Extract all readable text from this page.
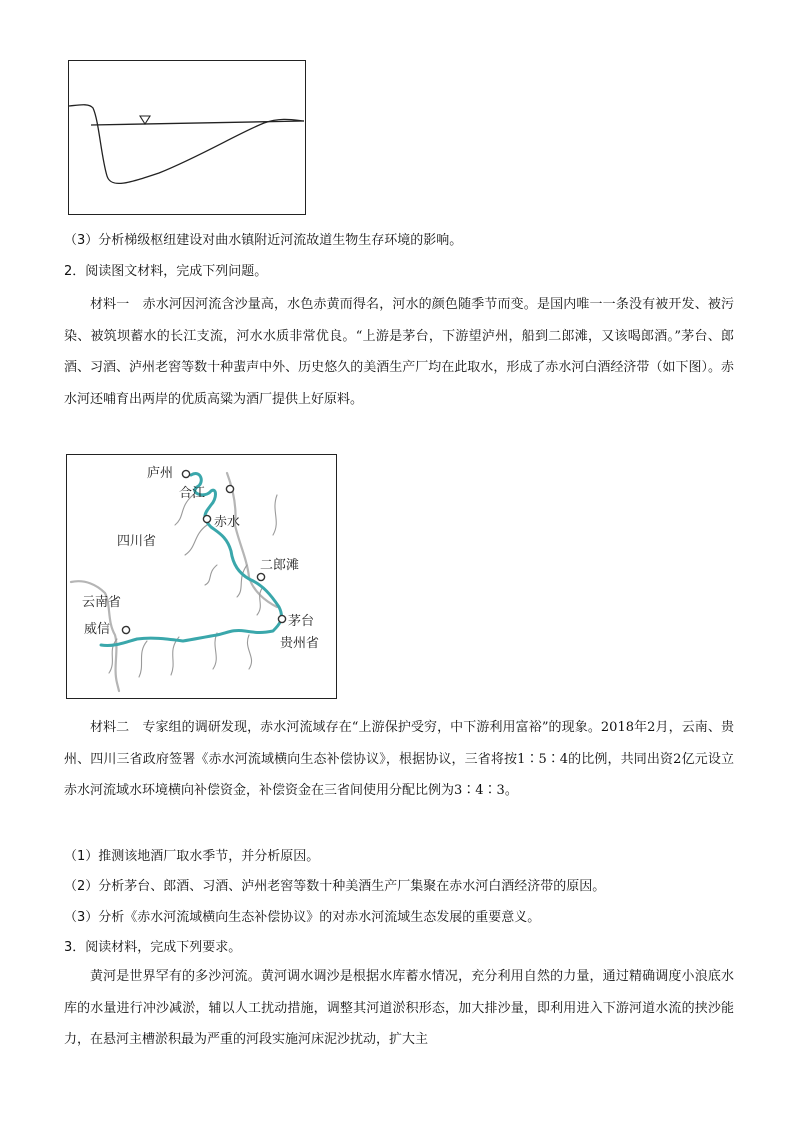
（3）分析梯级枢纽建设对曲水镇附近河流故道生物生存环境的影响。
2．阅读图文材料，完成下列问题。
材料一　赤水河因河流含沙量高，水色赤黄而得名，河水的颜色随季节而变。是国内唯一一条没有被开发、被污染、被筑坝蓄水的长江支流，河水水质非常优良。“上游是茅台，下游望泸州，船到二郎滩，又该喝郎酒。”茅台、郎酒、习酒、泸州老窖等数十种蜚声中外、历史悠久的美酒生产厂均在此取水，形成了赤水河白酒经济带（如下图）。赤水河还哺育出两岸的优质高粱为酒厂提供上好原料。
庐州
合江
赤水
四川省
二郎滩
云南省
威信
茅台
贵州省
材料二　专家组的调研发现，赤水河流域存在“上游保护受穷，中下游利用富裕”的现象。2018年2月，云南、贵州、四川三省政府签署《赤水河流域横向生态补偿协议》，根据协议，三省将按1∶5∶4的比例，共同出资2亿元设立赤水河流域水环境横向补偿资金，补偿资金在三省间使用分配比例为3∶4∶3。
（1）推测该地酒厂取水季节，并分析原因。
（2）分析茅台、郎酒、习酒、泸州老窖等数十种美酒生产厂集聚在赤水河白酒经济带的原因。
（3）分析《赤水河流域横向生态补偿协议》的对赤水河流域生态发展的重要意义。
3．阅读材料，完成下列要求。
黄河是世界罕有的多沙河流。黄河调水调沙是根据水库蓄水情况，充分利用自然的力量，通过精确调度小浪底水库的水量进行冲沙减淤，辅以人工扰动措施，调整其河道淤积形态，加大排沙量，即利用进入下游河道水流的挟沙能力，在悬河主槽淤积最为严重的河段实施河床泥沙扰动，扩大主
